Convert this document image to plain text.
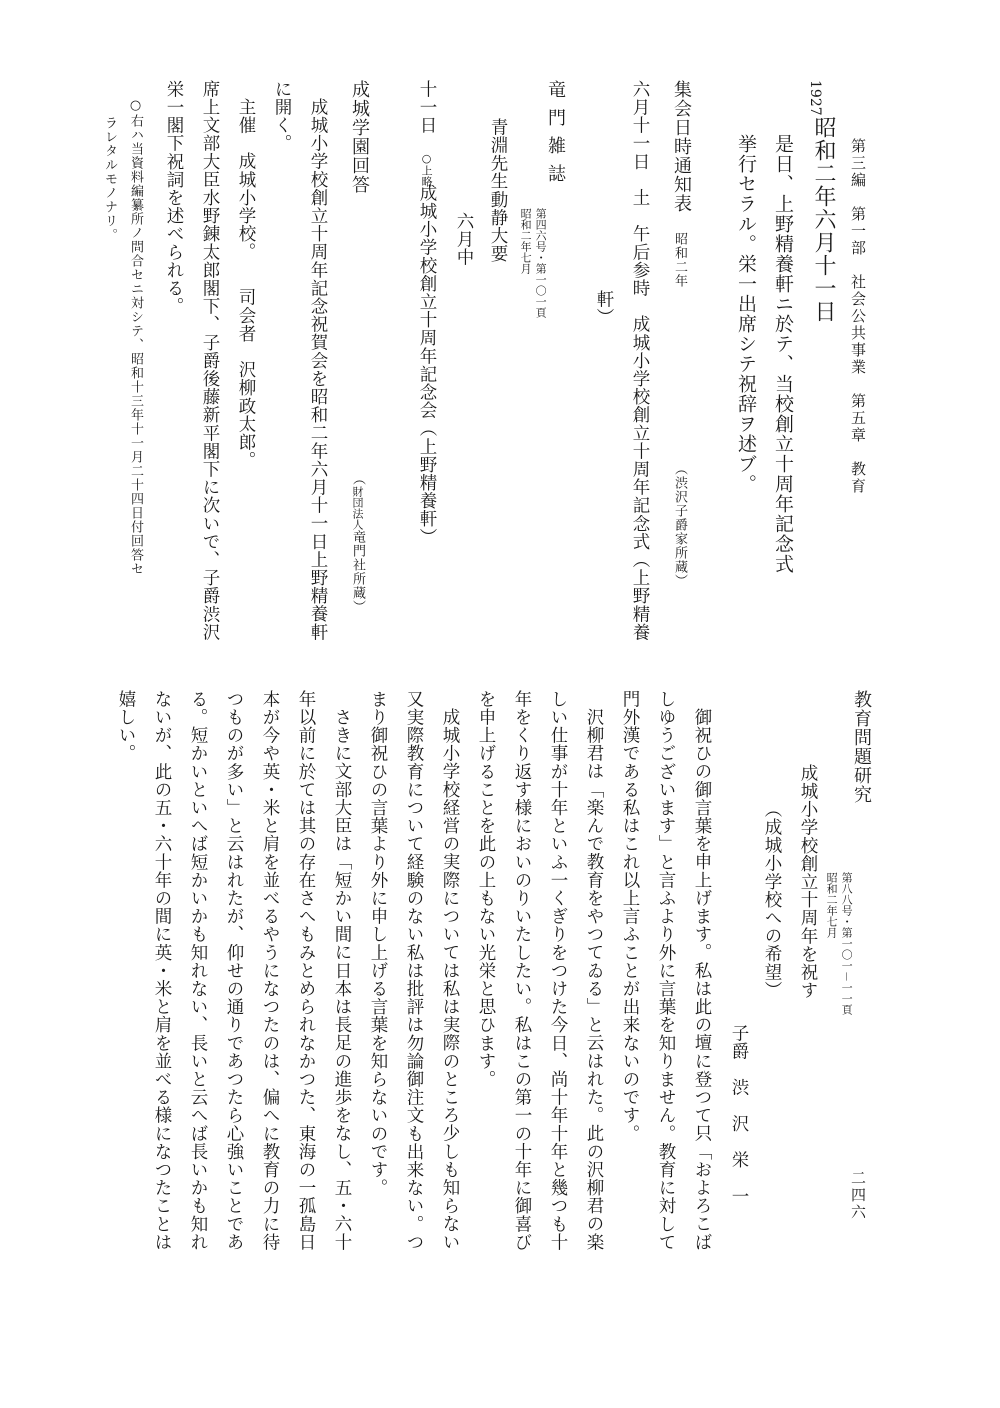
第三編　第一部　社会公共事業　第五章　教育
二四六
1927
昭和二年六月十一日
是日、上野精養軒ニ於テ、当校創立十周年記念式
挙行セラル。栄一出席シテ祝辞ヲ述ブ。
集会日時通知表
昭和二年
（渋沢子爵家所蔵）
六月十一日　土　午后参時　成城小学校創立十周年記念式（上野精養
軒）
竜門雑誌
第四六号・第一〇一頁
昭和二年七月
青淵先生動静大要
六月中
十一日
○上略
成城小学校創立十周年記念会（上野精養軒）
成城学園回答
（財団法人竜門社所蔵）
成城小学校創立十周年記念祝賀会を昭和二年六月十一日上野精養軒
に開く。
主催　成城小学校。　　司会者　沢柳政太郎。
席上文部大臣水野錬太郎閣下、子爵後藤新平閣下に次いで、子爵渋沢
栄一閣下祝詞を述べられる。
○右ハ当資料編纂所ノ問合セニ対シテ、昭和十三年十一月二十四日付回答セ
ラレタルモノナリ。
教育問題研究
第八八号・第一〇一－一一頁
昭和二年七月
成城小学校創立十周年を祝す
（成城小学校への希望）
子爵　渋　沢　栄　一
御祝ひの御言葉を申上げます。私は此の壇に登つて只「およろこば
しゆうございます」と言ふより外に言葉を知りません。教育に対して
門外漢である私はこれ以上言ふことが出来ないのです。
沢柳君は「楽んで教育をやつてゐる」と云はれた。此の沢柳君の楽
しい仕事が十年といふ一くぎりをつけた今日、尚十年十年と幾つも十
年をくり返す様においのりいたしたい。私はこの第一の十年に御喜び
を申上げることを此の上もない光栄と思ひます。
成城小学校経営の実際については私は実際のところ少しも知らない
又実際教育について経験のない私は批評は勿論御注文も出来ない。つ
まり御祝ひの言葉より外に申し上げる言葉を知らないのです。
さきに文部大臣は「短かい間に日本は長足の進歩をなし、五・六十
年以前に於ては其の存在さへもみとめられなかつた、東海の一孤島日
本が今や英・米と肩を並べるやうになつたのは、偏へに教育の力に待
つものが多い」と云はれたが、仰せの通りであつたら心強いことであ
る。短かいといへば短かいかも知れない、長いと云へば長いかも知れ
ないが、此の五・六十年の間に英・米と肩を並べる様になつたことは
嬉しい。
